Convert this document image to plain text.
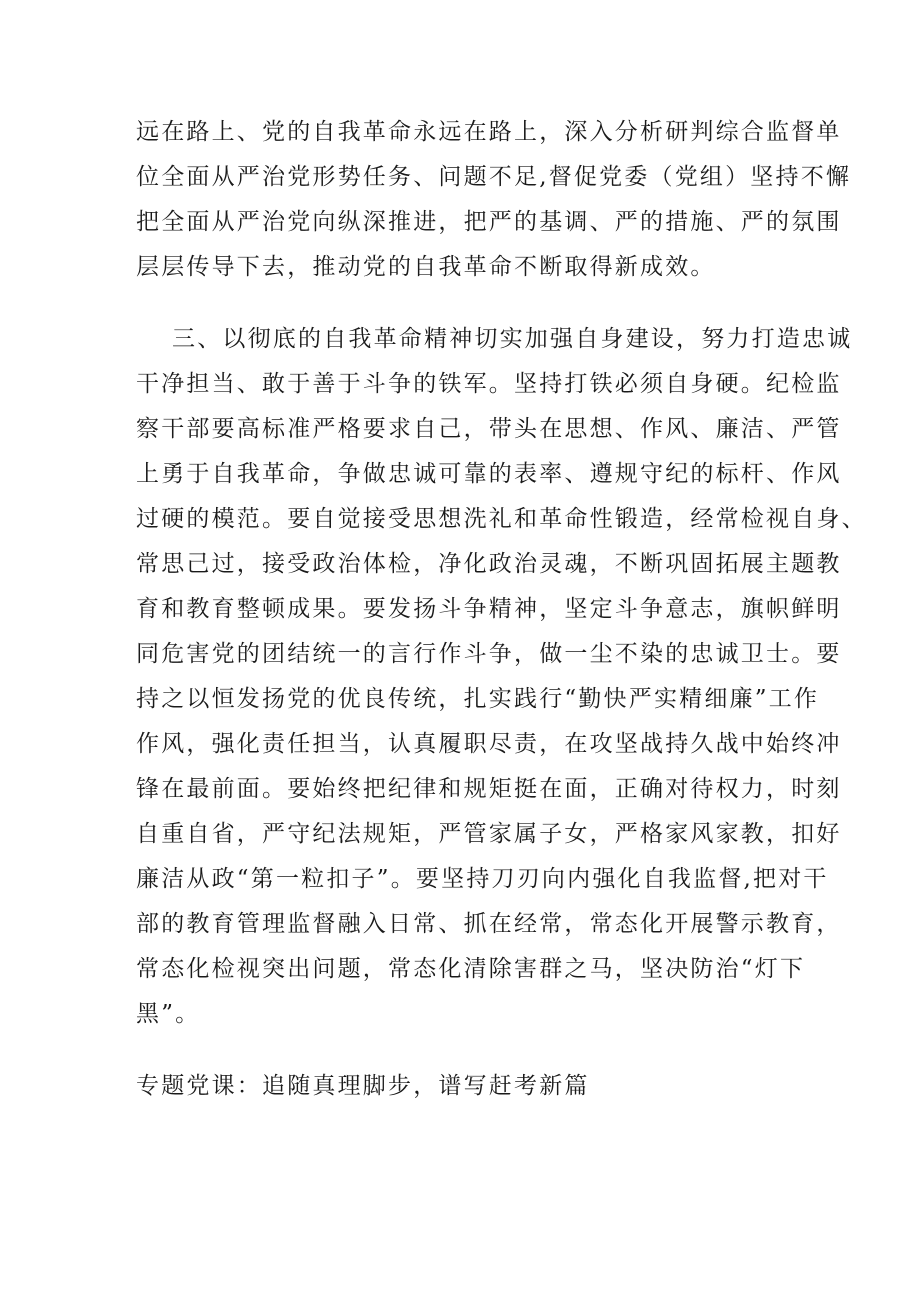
远在路上、党的自我革命永远在路上，深入分析研判综合监督单
位全面从严治党形势任务、问题不足,督促党委（党组）坚持不懈
把全面从严治党向纵深推进，把严的基调、严的措施、严的氛围
层层传导下去，推动党的自我革命不断取得新成效。
三、以彻底的自我革命精神切实加强自身建设，努力打造忠诚
干净担当、敢于善于斗争的铁军。坚持打铁必须自身硬。纪检监
察干部要高标准严格要求自己，带头在思想、作风、廉洁、严管
上勇于自我革命，争做忠诚可靠的表率、遵规守纪的标杆、作风
过硬的模范。要自觉接受思想洗礼和革命性锻造，经常检视自身、
常思己过，接受政治体检，净化政治灵魂，不断巩固拓展主题教
育和教育整顿成果。要发扬斗争精神，坚定斗争意志，旗帜鲜明
同危害党的团结统一的言行作斗争，做一尘不染的忠诚卫士。要
持之以恒发扬党的优良传统，扎实践行“勤快严实精细廉”工作
作风，强化责任担当，认真履职尽责，在攻坚战持久战中始终冲
锋在最前面。要始终把纪律和规矩挺在面，正确对待权力，时刻
自重自省，严守纪法规矩，严管家属子女，严格家风家教，扣好
廉洁从政“第一粒扣子”。要坚持刀刃向内强化自我监督,把对干
部的教育管理监督融入日常、抓在经常，常态化开展警示教育，
常态化检视突出问题，常态化清除害群之马，坚决防治“灯下
黑”。
专题党课：追随真理脚步，谱写赶考新篇
